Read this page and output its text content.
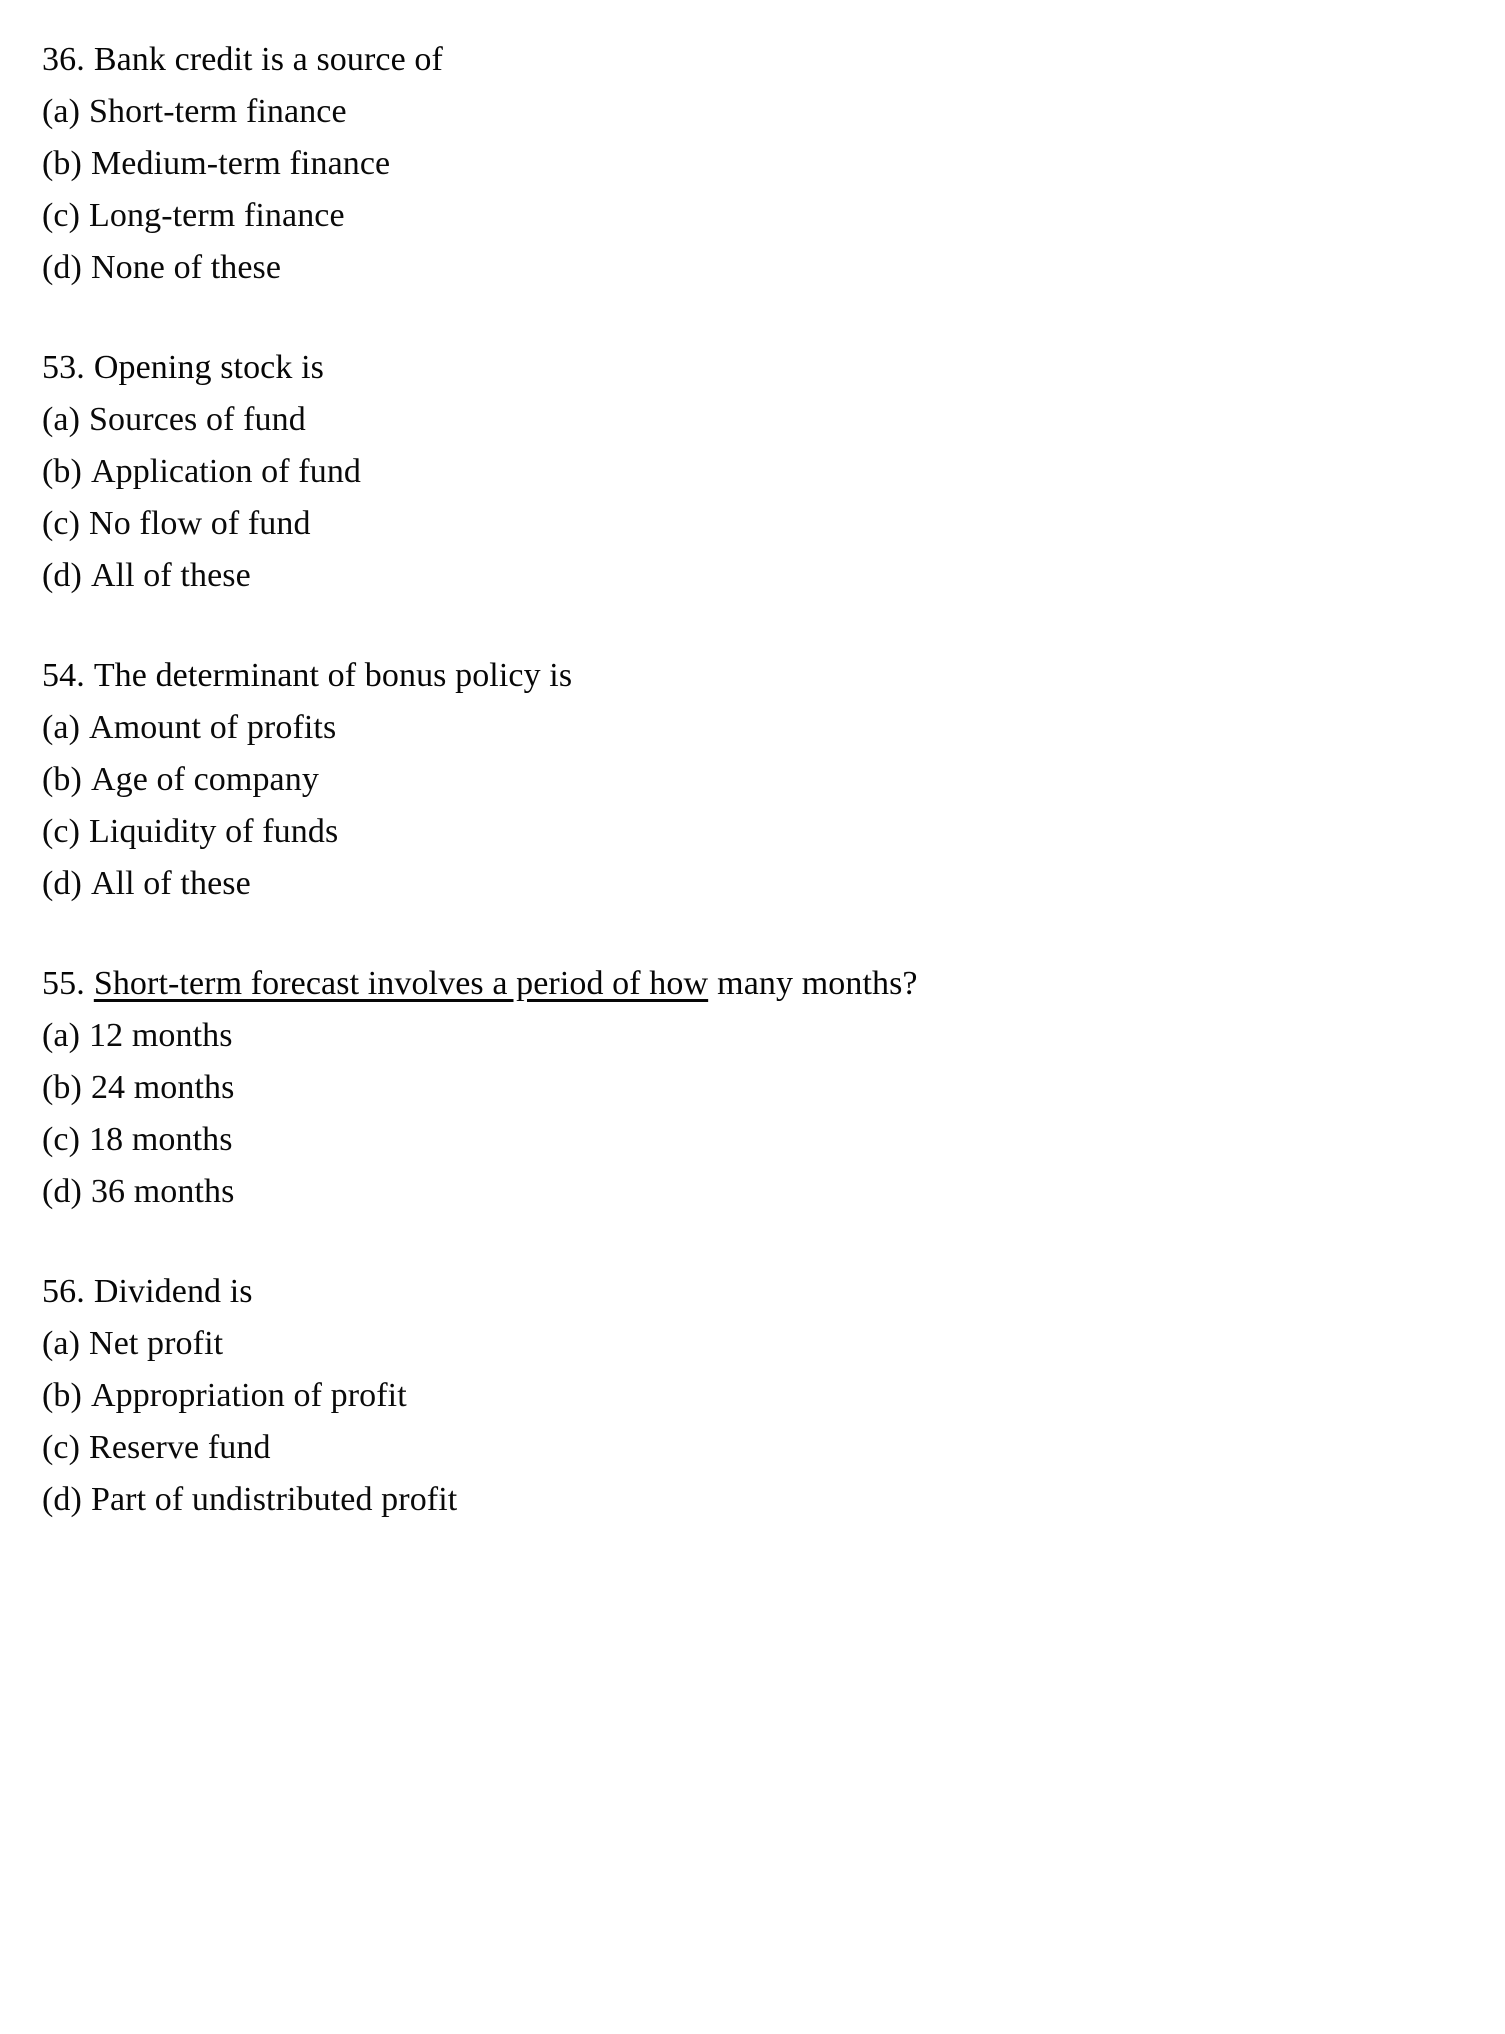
36. Bank credit is a source of
(a) Short-term finance
(b) Medium-term finance
(c) Long-term finance
(d) None of these
53. Opening stock is
(a) Sources of fund
(b) Application of fund
(c) No flow of fund
(d) All of these
54. The determinant of bonus policy is
(a) Amount of profits
(b) Age of company
(c) Liquidity of funds
(d) All of these
55. Short-term forecast involves a period of how many months?
(a) 12 months
(b) 24 months
(c) 18 months
(d) 36 months
56. Dividend is
(a) Net profit
(b) Appropriation of profit
(c) Reserve fund
(d) Part of undistributed profit
